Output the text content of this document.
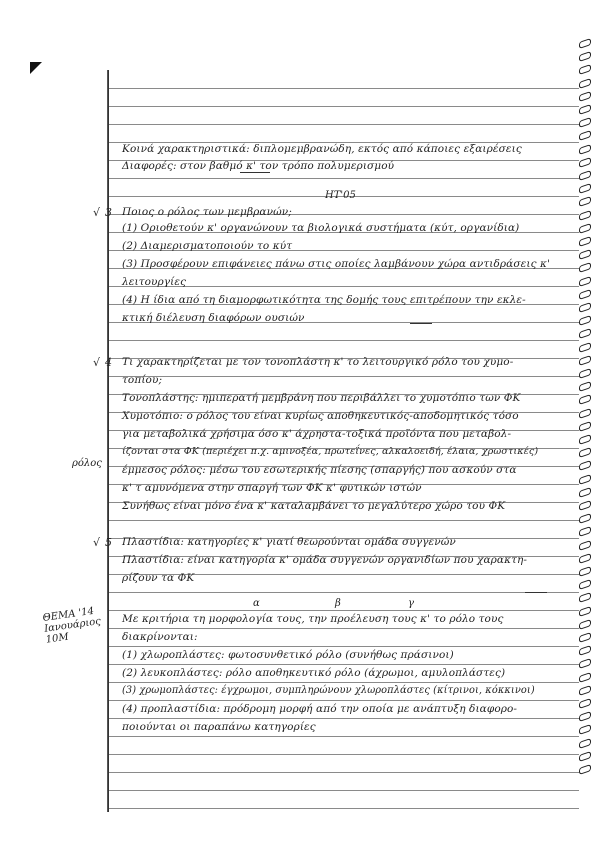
Κοινά χαρακτηριστικά: διπλομεμβρανώδη, εκτός από κάποιες εξαιρέσεις
Διαφορές: στον βαθμό κ' τον τρόπο πολυμερισμού
√ 3 Ποιος ο ρόλος των μεμβρανών;
ΗΤ'05
(1) Οριοθετούν κ' οργανώνουν τα βιολογικά συστήματα (κύτ, οργανίδια)
(2) Διαμερισματοποιούν το κύτ
(3) Προσφέρουν επιφάνειες πάνω στις οποίες λαμβάνουν χώρα αντιδράσεις κ'
λειτουργίες
(4) Η ίδια από τη διαμορφωτικότητα της δομής τους επιτρέπουν την εκλε-
κτική διέλευση διαφόρων ουσιών
√ 4 Τι χαρακτηρίζεται με τον τονοπλάστη κ' το λειτουργικό ρόλο του χυμο-
τοπίου;
Τονοπλάστης: ημιπερατή μεμβράνη που περιβάλλει το χυμοτόπιο των ΦΚ
Χυμοτόπιο: ο ρόλος του είναι κυρίως αποθηκευτικός-αποδομητικός τόσο
για μεταβολικά χρήσιμα όσο κ' άχρηστα-τοξικά προϊόντα που μεταβολ-
ίζονται στα ΦΚ (περιέχει π.χ. αμινοξέα, πρωτεΐνες, αλκαλοειδή, έλαια, χρωστικές)
ρόλος
έμμεσος ρόλος: μέσω του εσωτερικής πίεσης (σπαργής) που ασκούν στα
κ' τ αμυνόμενα στην σπαργή των ΦΚ κ' φυτικών ιστών
Συνήθως είναι μόνο ένα κ' καταλαμβάνει το μεγαλύτερο χώρο του ΦΚ
√ 5 Πλαστίδια: κατηγορίες κ' γιατί θεωρούνται ομάδα συγγενών
Πλαστίδια: είναι κατηγορία κ' ομάδα συγγενών οργανιδίων που χαρακτη-
ρίζουν τα ΦΚ
ΘΕΜΑ '14 Ιανουάριος 10Μ
α	β	γ
Με κριτήρια τη μορφολογία τους, την προέλευση τους κ' το ρόλο τους
διακρίνονται:
(1) χλωροπλάστες: φωτοσυνθετικό ρόλο (συνήθως πράσινοι)
(2) λευκοπλάστες: ρόλο αποθηκευτικό ρόλο (άχρωμοι, αμυλοπλάστες)
(3) χρωμοπλάστες: έγχρωμοι, συμπληρώνουν χλωροπλάστες (κίτρινοι, κόκκινοι)
(4) προπλαστίδια: πρόδρομη μορφή από την οποία με ανάπτυξη διαφορο-
ποιούνται οι παραπάνω κατηγορίες
